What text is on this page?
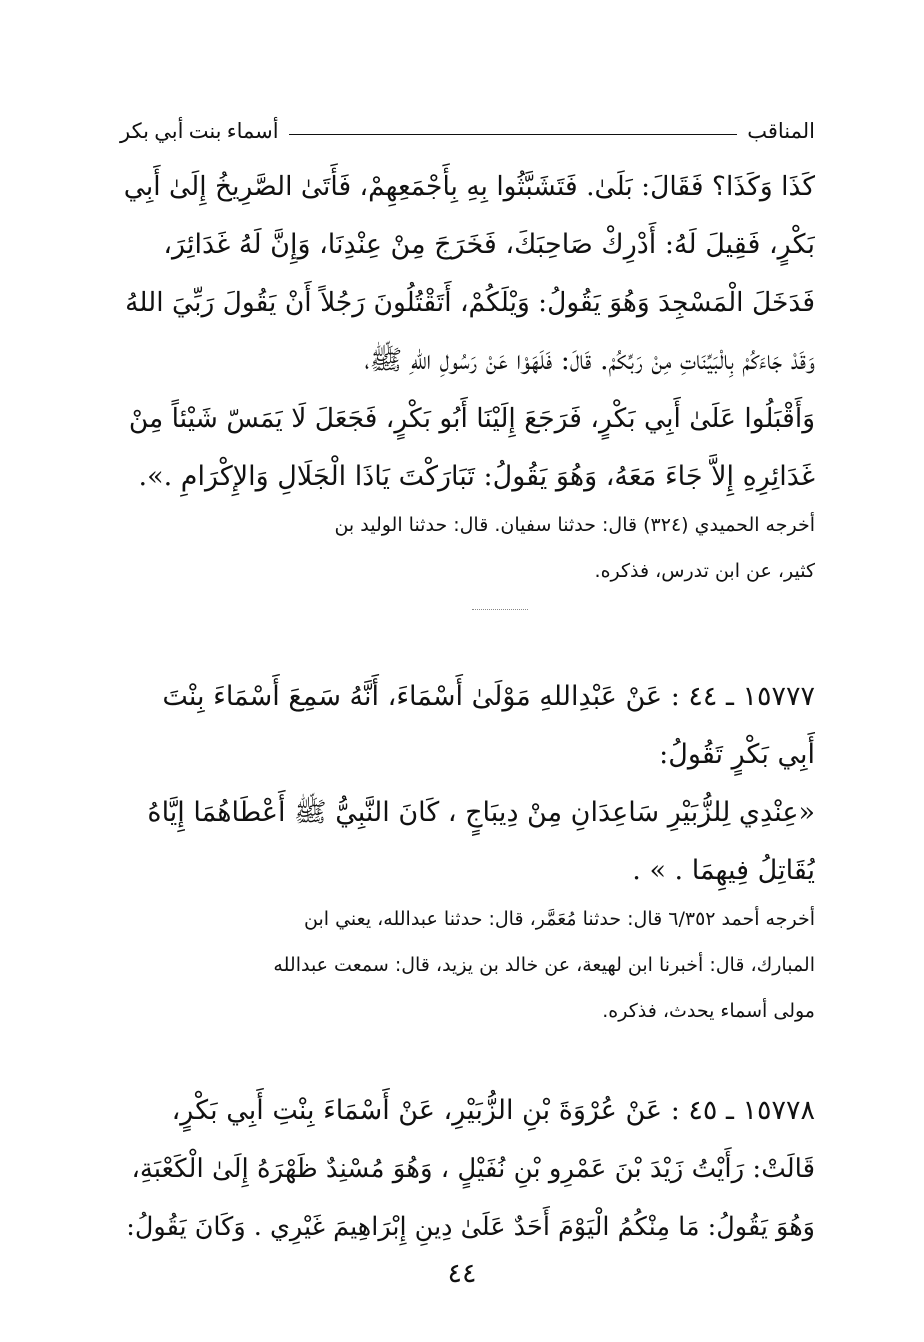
المناقب
أسماء بنت أبي بكر
كَذَا وَكَذَا؟ فَقَالَ: بَلَىٰ. فَتَشَبَّثُوا بِهِ بِأَجْمَعِهِمْ، فَأَتَىٰ الصَّرِيخُ إِلَىٰ أَبِي
بَكْرٍ، فَقِيلَ لَهُ: أَدْرِكْ صَاحِبَكَ، فَخَرَجَ مِنْ عِنْدِنَا، وَإِنَّ لَهُ غَدَائِرَ،
فَدَخَلَ الْمَسْجِدَ وَهُوَ يَقُولُ: وَيْلَكُمْ، أَتَقْتُلُونَ رَجُلاً أَنْ يَقُولَ رَبِّيَ اللهُ
وَقَدْ جَاءَكُمْ بِالْبَيِّنَاتِ مِنْ رَبِّكُمْ. قَالَ: فَلَهَوْا عَنْ رَسُولِ اللهِ ﷺ،
وَأَقْبَلُوا عَلَىٰ أَبِي بَكْرٍ، فَرَجَعَ إِلَيْنَا أَبُو بَكْرٍ، فَجَعَلَ لَا يَمَسّ شَيْئاً مِنْ
غَدَائِرِهِ إِلاَّ جَاءَ مَعَهُ، وَهُوَ يَقُولُ: تَبَارَكْتَ يَاذَا الْجَلَالِ وَالإِكْرَامِ .».
أخرجه الحميدي (٣٢٤) قال: حدثنا سفيان. قال: حدثنا الوليد بن
كثير، عن ابن تدرس، فذكره.
١٥٧٧٧ ـ ٤٤ : عَنْ عَبْدِاللهِ مَوْلَىٰ أَسْمَاءَ، أَنَّهُ سَمِعَ أَسْمَاءَ بِنْتَ
أَبِي بَكْرٍ تَقُولُ:
«عِنْدِي لِلزُّبَيْرِ سَاعِدَانِ مِنْ دِيبَاجٍ ، كَانَ النَّبِيُّ ﷺ أَعْطَاهُمَا إِيَّاهُ
يُقَاتِلُ فِيهِمَا . » .
أخرجه أحمد ٦/٣٥٢ قال: حدثنا مُعَمَّر، قال: حدثنا عبدالله، يعني ابن
المبارك، قال: أخبرنا ابن لهيعة، عن خالد بن يزيد، قال: سمعت عبدالله
مولى أسماء يحدث، فذكره.
١٥٧٧٨ ـ ٤٥ : عَنْ عُرْوَةَ بْنِ الزُّبَيْرِ، عَنْ أَسْمَاءَ بِنْتِ أَبِي بَكْرٍ،
قَالَتْ: رَأَيْتُ زَيْدَ بْنَ عَمْرِو بْنِ نُفَيْلٍ ، وَهُوَ مُسْنِدٌ ظَهْرَهُ إِلَىٰ الْكَعْبَةِ،
وَهُوَ يَقُولُ: مَا مِنْكُمُ الْيَوْمَ أَحَدٌ عَلَىٰ دِينِ إِبْرَاهِيمَ غَيْرِي . وَكَانَ يَقُولُ:
٤٤
